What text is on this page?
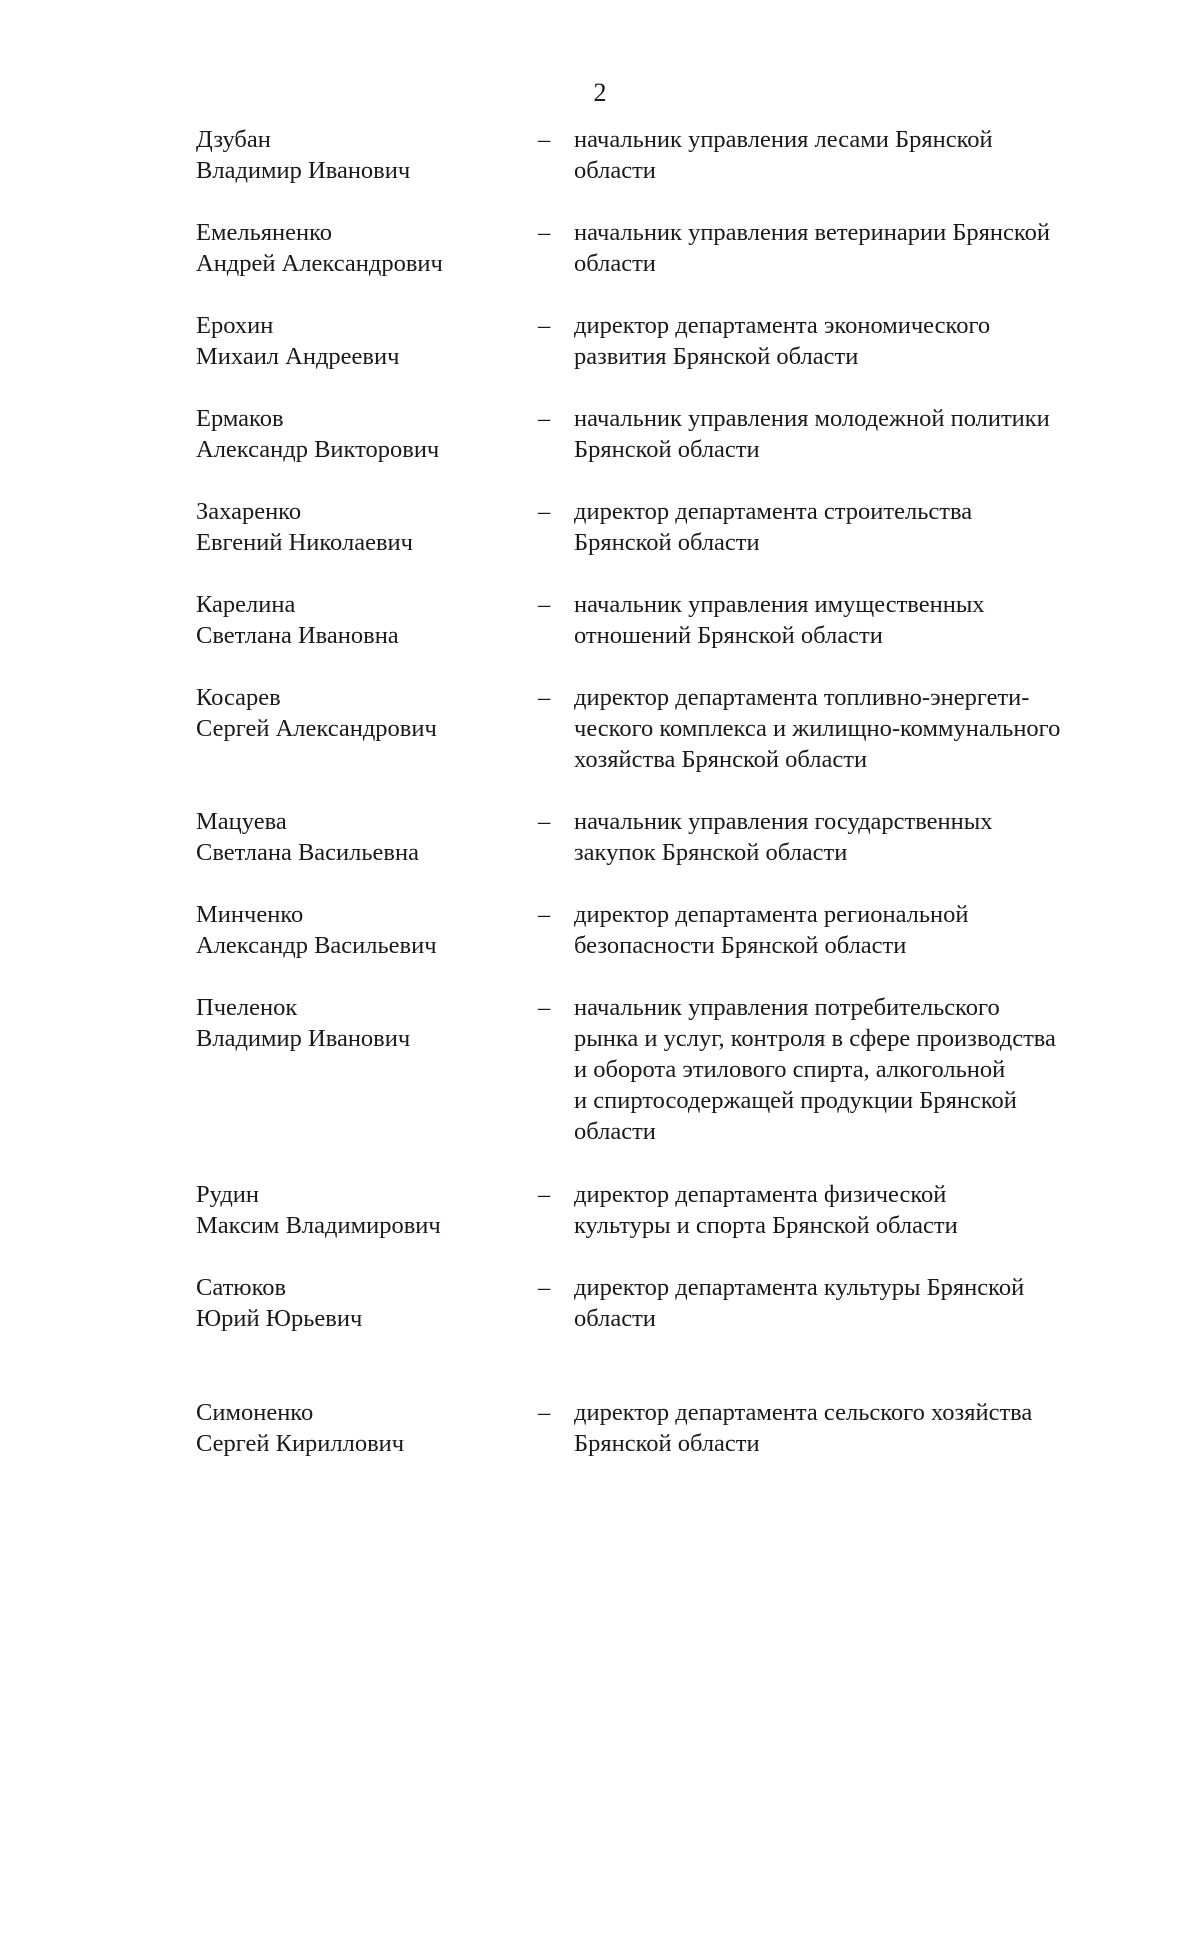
2
Дзубан
Владимир Иванович
– начальник управления лесами Брянской
области
Емельяненко
Андрей Александрович
– начальник управления ветеринарии Брянской
области
Ерохин
Михаил Андреевич
– директор департамента экономического
развития Брянской области
Ермаков
Александр Викторович
– начальник управления молодежной политики
Брянской области
Захаренко
Евгений Николаевич
– директор департамента строительства
Брянской области
Карелина
Светлана Ивановна
– начальник управления имущественных
отношений Брянской области
Косарев
Сергей Александрович
– директор департамента топливно-энергети-
ческого комплекса и жилищно-коммунального
хозяйства Брянской области
Мацуева
Светлана Васильевна
– начальник управления государственных
закупок Брянской области
Минченко
Александр Васильевич
– директор департамента региональной
безопасности Брянской области
Пчеленок
Владимир Иванович
– начальник управления потребительского
рынка и услуг, контроля в сфере производства
и оборота этилового спирта, алкогольной
и спиртосодержащей продукции Брянской
области
Рудин
Максим Владимирович
– директор департамента физической
культуры и спорта Брянской области
Сатюков
Юрий Юрьевич
– директор департамента культуры Брянской
области
Симоненко
Сергей Кириллович
– директор департамента сельского хозяйства
Брянской области
